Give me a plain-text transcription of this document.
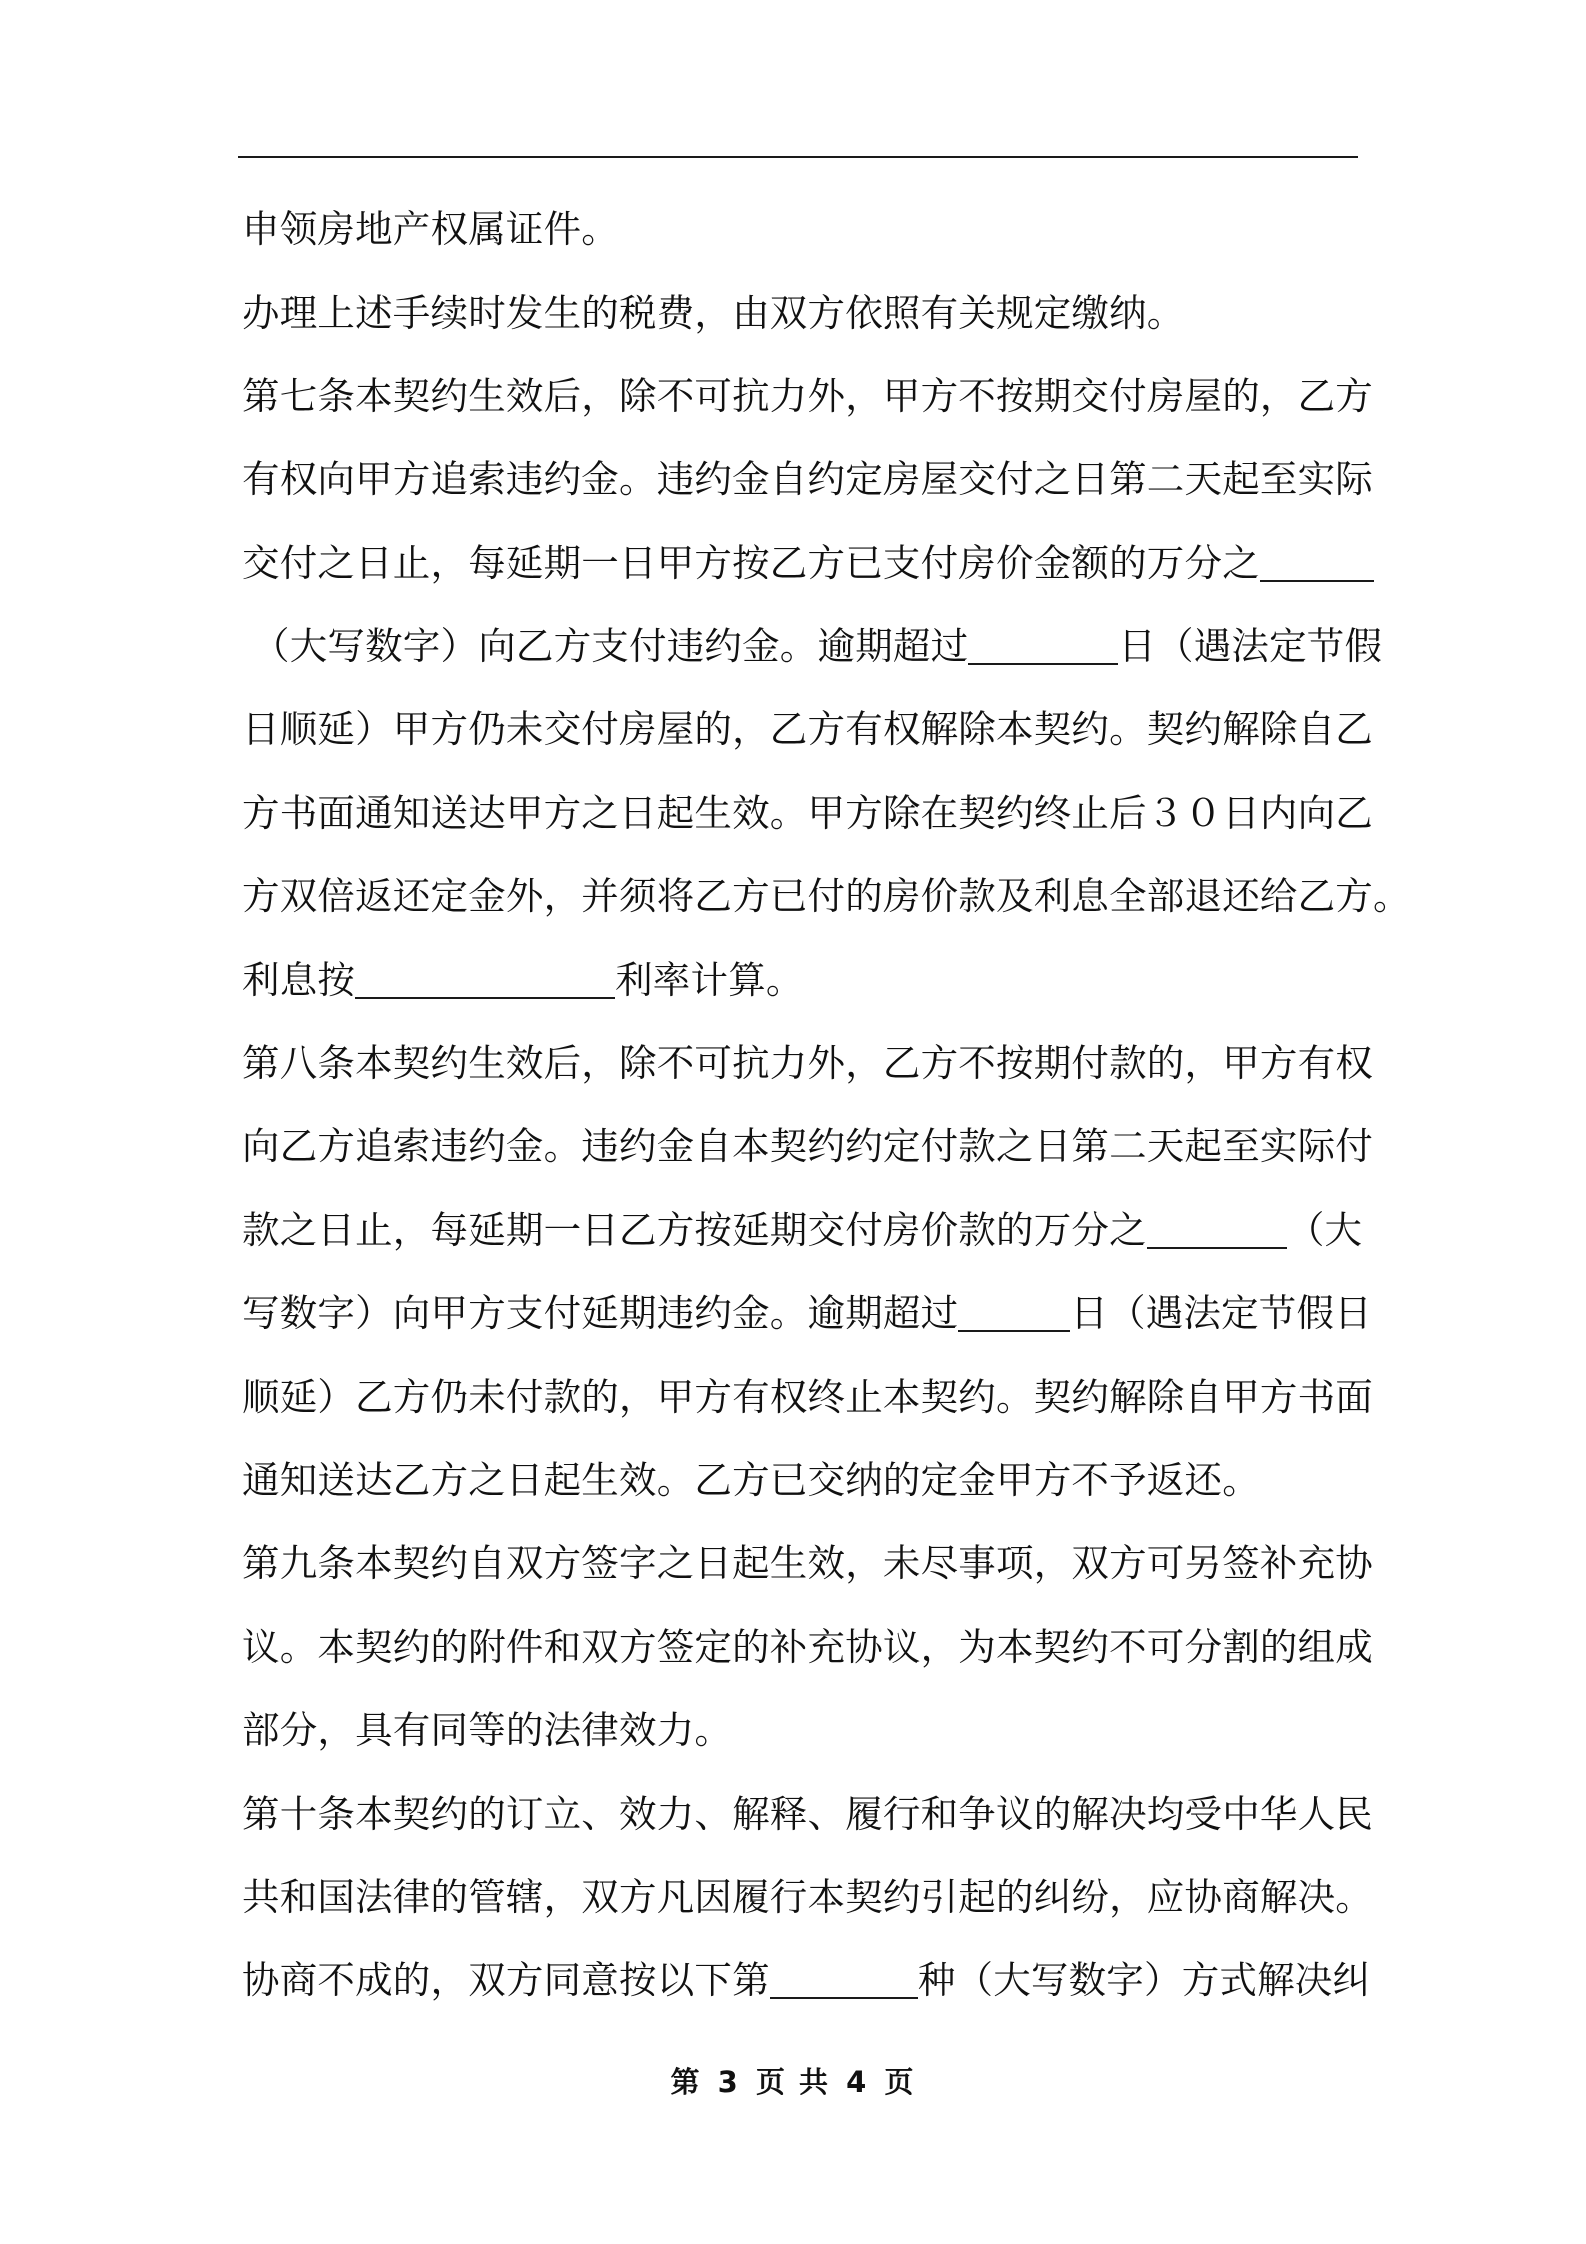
申领房地产权属证件。
办理上述手续时发生的税费，由双方依照有关规定缴纳。
第七条本契约生效后，除不可抗力外，甲方不按期交付房屋的，乙方
有权向甲方追索违约金。违约金自约定房屋交付之日第二天起至实际
交付之日止，每延期一日甲方按乙方已支付房价金额的万分之
（大写数字）向乙方支付违约金。逾期超过	日（遇法定节假
日顺延）甲方仍未交付房屋的，乙方有权解除本契约。契约解除自乙
方书面通知送达甲方之日起生效。甲方除在契约终止后３０日内向乙
方双倍返还定金外，并须将乙方已付的房价款及利息全部退还给乙方。
利息按	利率计算。
第八条本契约生效后，除不可抗力外，乙方不按期付款的，甲方有权
向乙方追索违约金。违约金自本契约约定付款之日第二天起至实际付
款之日止，每延期一日乙方按延期交付房价款的万分之	（大
写数字）向甲方支付延期违约金。逾期超过	日（遇法定节假日
顺延）乙方仍未付款的，甲方有权终止本契约。契约解除自甲方书面
通知送达乙方之日起生效。乙方已交纳的定金甲方不予返还。
第九条本契约自双方签字之日起生效，未尽事项，双方可另签补充协
议。本契约的附件和双方签定的补充协议，为本契约不可分割的组成
部分，具有同等的法律效力。
第十条本契约的订立、效力、解释、履行和争议的解决均受中华人民
共和国法律的管辖，双方凡因履行本契约引起的纠纷，应协商解决。
协商不成的，双方同意按以下第	种（大写数字）方式解决纠
第 3 页 共 4 页
